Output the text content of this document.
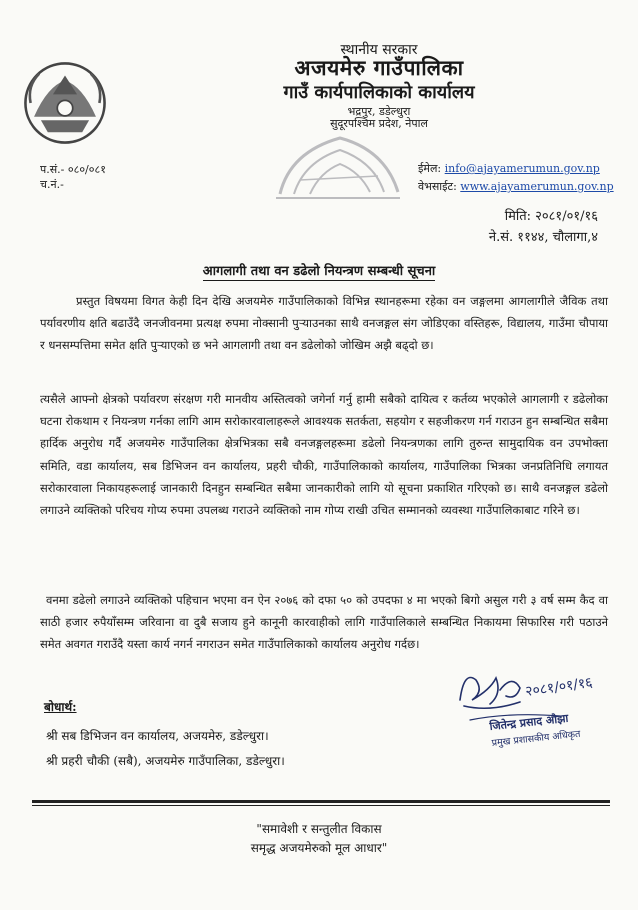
स्थानीय सरकार
अजयमेरु गाउँपालिका
गाउँ कार्यपालिकाको कार्यालय
भद्रपुर, डडेल्धुरा
सुदूरपश्चिम प्रदेश, नेपाल
प.सं.- ०८०/०८१
च.नं.-
ईमेल: info@ajayamerumun.gov.np
वेभसाईट: www.ajayamerumun.gov.np
मिति: २०८१/०१/१६
ने.सं. ११४४, चौलागा,४
आगलागी तथा वन डढेलो नियन्त्रण सम्बन्धी सूचना
प्रस्तुत विषयमा विगत केही दिन देखि अजयमेरु गाउँपालिकाको विभिन्न स्थानहरूमा रहेका वन जङ्गलमा आगलागीले जैविक तथा पर्यावरणीय क्षति बढाउँदै जनजीवनमा प्रत्यक्ष रुपमा नोक्सानी पुऱ्याउनका साथै वनजङ्गल संग जोडिएका वस्तिहरू, विद्यालय, गाउँमा चौपाया र धनसम्पत्तिमा समेत क्षति पुऱ्याएको छ भने आगलागी तथा वन डढेलोको जोखिम अझै बढ्दो छ।
त्यसैले आफ्नो क्षेत्रको पर्यावरण संरक्षण गरी मानवीय अस्तित्वको जगेर्ना गर्नु हामी सबैको दायित्व र कर्तव्य भएकोले आगलागी र डढेलोका घटना रोकथाम र नियन्त्रण गर्नका लागि आम सरोकारवालाहरूले आवश्यक सतर्कता, सहयोग र सहजीकरण गर्न गराउन हुन सम्बन्धित सबैमा हार्दिक अनुरोध गर्दै अजयमेरु गाउँपालिका क्षेत्रभित्रका सबै वनजङ्गलहरूमा डढेलो नियन्त्रणका लागि तुरुन्त सामुदायिक वन उपभोक्ता समिति, वडा कार्यालय, सब डिभिजन वन कार्यालय, प्रहरी चौकी, गाउँपालिकाको कार्यालय, गाउँपालिका भित्रका जनप्रतिनिधि लगायत सरोकारवाला निकायहरूलाई जानकारी दिनहुन सम्बन्धित सबैमा जानकारीको लागि यो सूचना प्रकाशित गरिएको छ। साथै वनजङ्गल डढेलो लगाउने व्यक्तिको परिचय गोप्य रुपमा उपलब्ध गराउने व्यक्तिको नाम गोप्य राखी उचित सम्मानको व्यवस्था गाउँपालिकाबाट गरिने छ।
वनमा डढेलो लगाउने व्यक्तिको पहिचान भएमा वन ऐन २०७६ को दफा ५० को उपदफा ४ मा भएको बिगो असुल गरी ३ वर्ष सम्म कैद वा साठी हजार रुपैयाँसम्म जरिवाना वा दुबै सजाय हुने कानूनी कारवाहीको लागि गाउँपालिकाले सम्बन्धित निकायमा सिफारिस गरी पठाउने समेत अवगत गराउँदै यस्ता कार्य नगर्न नगराउन समेत गाउँपालिकाको कार्यालय अनुरोध गर्दछ।
बोधार्थ:
श्री सब डिभिजन वन कार्यालय, अजयमेरु, डडेल्धुरा।
श्री प्रहरी चौकी (सबै), अजयमेरु गाउँपालिका, डडेल्धुरा।
२०८१/०१/१६
जितेन्द्र प्रसाद ओझा
प्रमुख प्रशासकीय अधिकृत
"समावेशी र सन्तुलीत विकास
समृद्ध अजयमेरुको मूल आधार"
